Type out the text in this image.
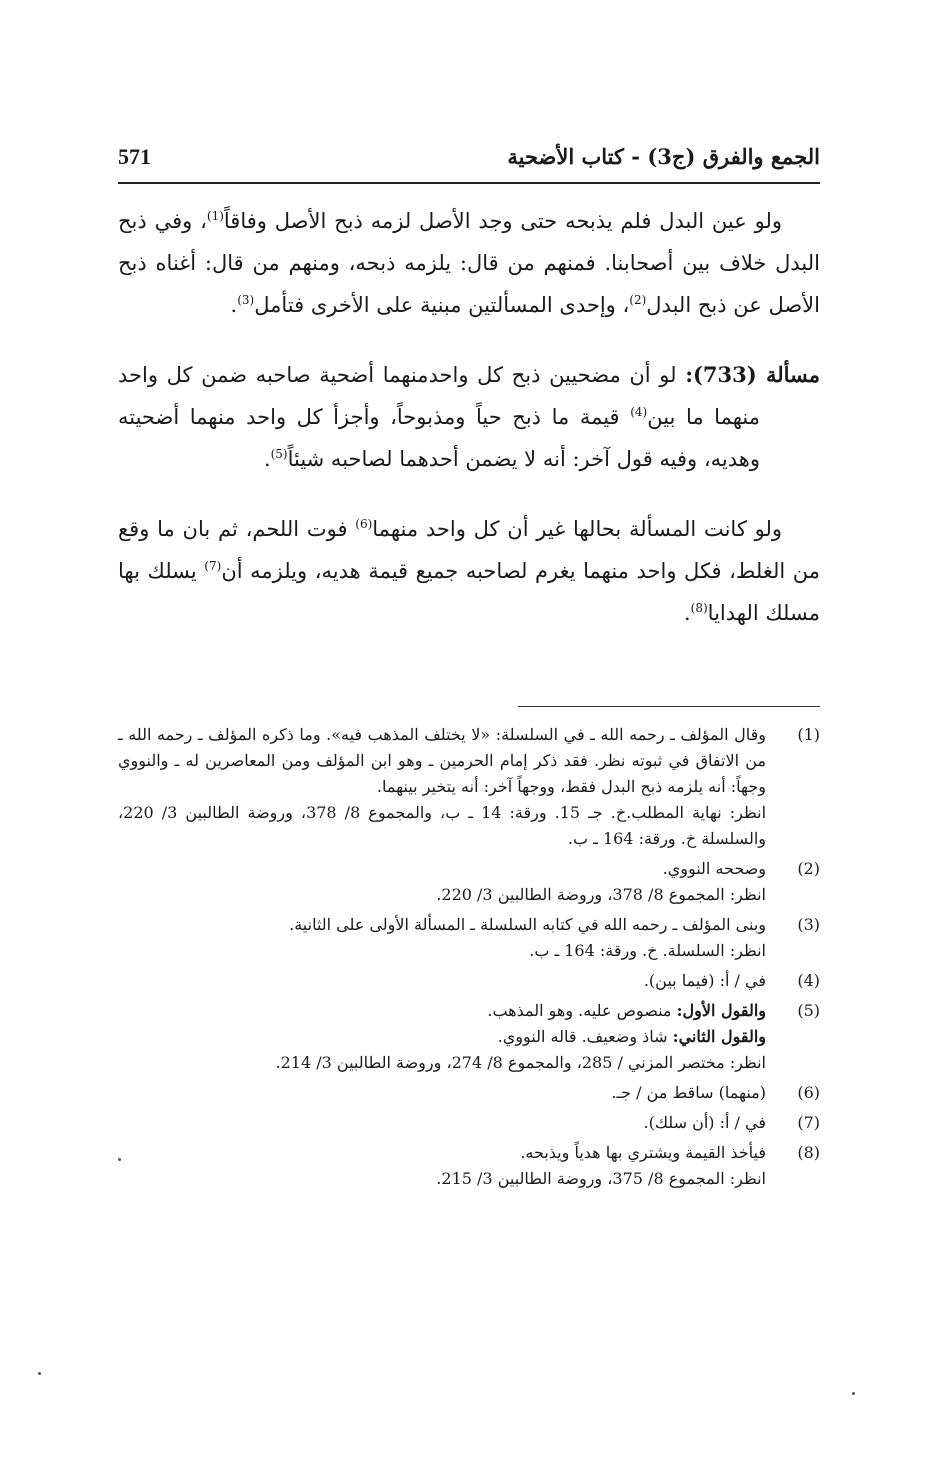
571	الجمع والفرق (ج3) - كتاب الأضحية

ولو عين البدل فلم يذبحه حتى وجد الأصل لزمه ذبح الأصل وفاقاً$^{(1)}$، وفي ذبح البدل خلاف بين أصحابنا. فمنهم من قال: يلزمه ذبحه، ومنهم من قال: أغناه ذبح الأصل عن ذبح البدل$^{(2)}$، وإحدى المسألتين مبنية على الأخرى فتأمل$^{(3)}$.

مسألة (733): لو أن مضحيين ذبح كل واحدمنهما أضحية صاحبه ضمن كل واحد منهما ما بين$^{(4)}$ قيمة ما ذبح حياً ومذبوحاً، وأجزأ كل واحد منهما أضحيته وهديه، وفيه قول آخر: أنه لا يضمن أحدهما لصاحبه شيئاً$^{(5)}$.

ولو كانت المسألة بحالها غير أن كل واحد منهما$^{(6)}$ فوت اللحم، ثم بان ما وقع من الغلط، فكل واحد منهما يغرم لصاحبه جميع قيمة هديه، ويلزمه أن$^{(7)}$ يسلك بها مسلك الهدايا$^{(8)}$.

(1)
وقال المؤلف ـ رحمه الله ـ في السلسلة: «لا يختلف المذهب فيه». وما ذكره المؤلف ـ رحمه الله ـ من الاتفاق في ثبوته نظر. فقد ذكر إمام الحرمين ـ وهو ابن المؤلف ومن المعاصرين له ـ والنووي وجهاً: أنه يلزمه ذبح البدل فقط، ووجهاً آخر: أنه يتخير بينهما.
انظر: نهاية المطلب.خ. جـ 15. ورقة: 14 ـ ب، والمجموع 8/ 378، وروضة الطالبين 3/ 220، والسلسلة خ. ورقة: 164 ـ ب.
(2)
وصححه النووي.
انظر: المجموع 8/ 378، وروضة الطالبين 3/ 220.
(3)
وبنى المؤلف ـ رحمه الله في كتابه السلسلة ـ المسألة الأولى على الثانية.
انظر: السلسلة. خ. ورقة: 164 ـ ب.
(4)
في / أ: (فيما بين).
(5)
والقول الأول: منصوص عليه. وهو المذهب.
والقول الثاني: شاذ وضعيف. قاله النووي.
انظر: مختصر المزني / 285، والمجموع 8/ 274، وروضة الطالبين 3/ 214.
(6)
(منهما) ساقط من / جـ.
(7)
في / أ: (أن سلك).
(8)
فيأخذ القيمة ويشتري بها هدياً ويذبحه.
انظر: المجموع 8/ 375، وروضة الطالبين 3/ 215.
